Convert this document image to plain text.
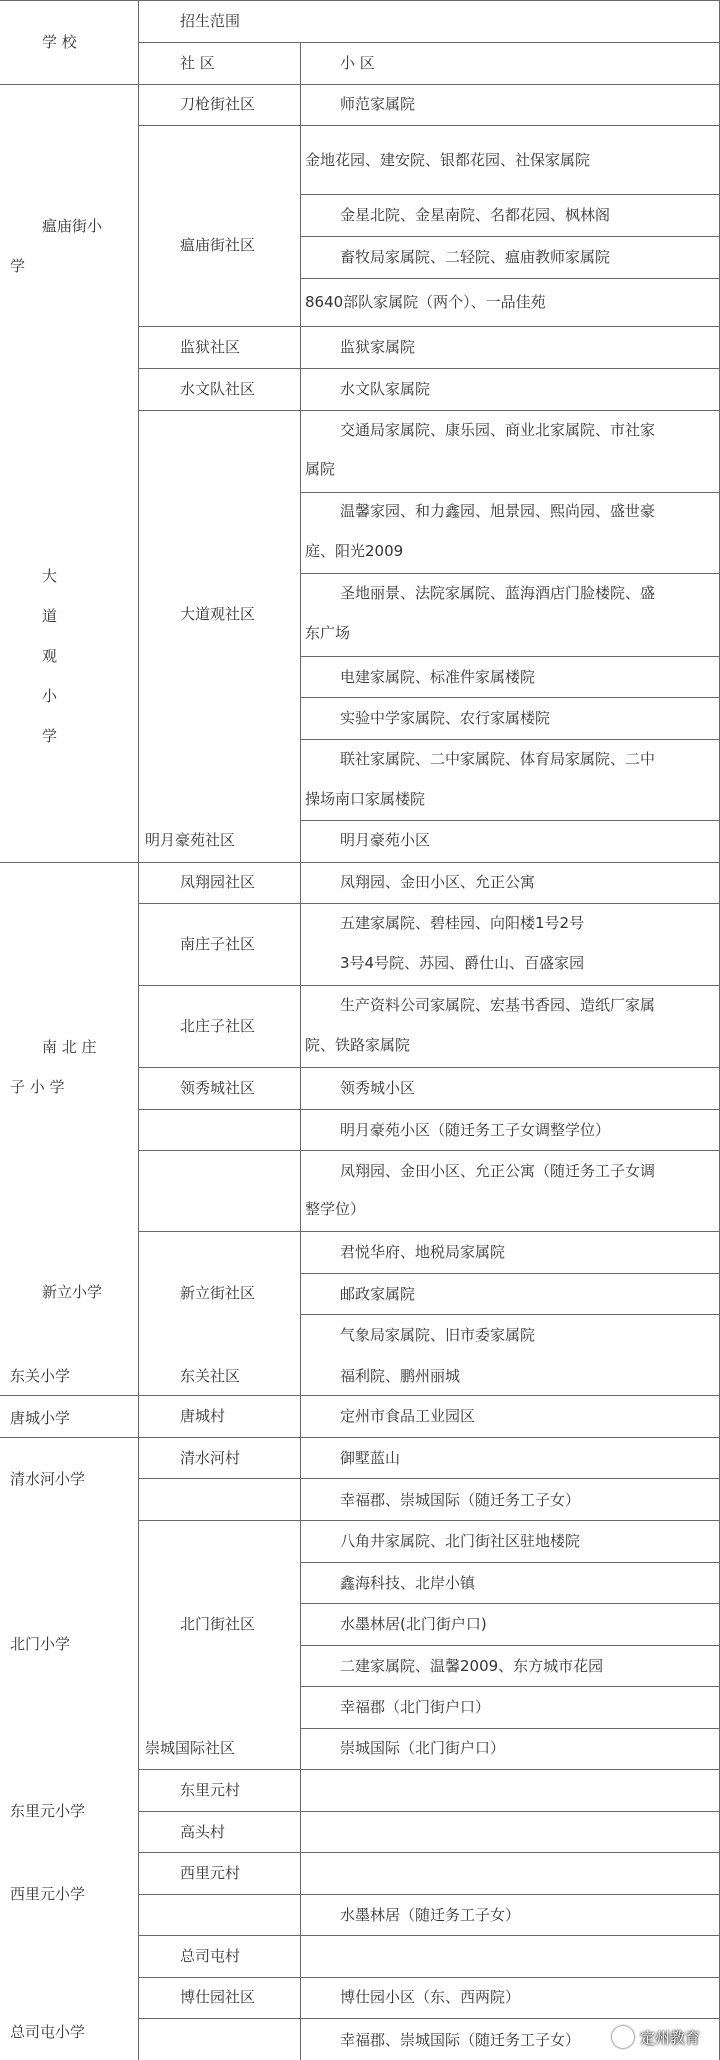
学 校
招生范围
社 区	小 区
瘟庙街小
学
大
道
观
小
学
南 北 庄
子 小 学
新立小学
东关小学
唐城小学
清水河小学
北门小学
东里元小学
西里元小学
总司屯小学
刀枪街社区
瘟庙街社区
监狱社区
水文队社区
大道观社区
明月豪苑社区
凤翔园社区
南庄子社区
北庄子社区
领秀城社区
新立街社区
东关社区
唐城村
清水河村
北门街社区
崇城国际社区
东里元村
高头村
西里元村
总司屯村
博仕园社区
师范家属院
金地花园、建安院、银都花园、社保家属院
金星北院、金星南院、名都花园、枫林阁
畜牧局家属院、二轻院、瘟庙教师家属院
8640部队家属院（两个）、一品佳苑
监狱家属院
水文队家属院
交通局家属院、康乐园、商业北家属院、市社家
属院
温馨家园、和力鑫园、旭景园、熙尚园、盛世豪
庭、阳光2009
圣地丽景、法院家属院、蓝海酒店门脸楼院、盛
东广场
电建家属院、标准件家属楼院
实验中学家属院、农行家属楼院
联社家属院、二中家属院、体育局家属院、二中
操场南口家属楼院
明月豪苑小区
凤翔园、金田小区、允正公寓
五建家属院、碧桂园、向阳楼1号2号
3号4号院、苏园、爵仕山、百盛家园
生产资料公司家属院、宏基书香园、造纸厂家属
院、铁路家属院
领秀城小区
明月豪苑小区（随迁务工子女调整学位）
凤翔园、金田小区、允正公寓（随迁务工子女调
整学位）
君悦华府、地税局家属院
邮政家属院
气象局家属院、旧市委家属院
福利院、鹏州丽城
定州市食品工业园区
御墅蓝山
幸福郡、崇城国际（随迁务工子女）
八角井家属院、北门街社区驻地楼院
鑫海科技、北岸小镇
水墨林居(北门街户口)
二建家属院、温馨2009、东方城市花园
幸福郡（北门街户口）
崇城国际（北门街户口）
水墨林居（随迁务工子女）
博仕园小区（东、西两院）
幸福郡、崇城国际（随迁务工子女）	定州教育
